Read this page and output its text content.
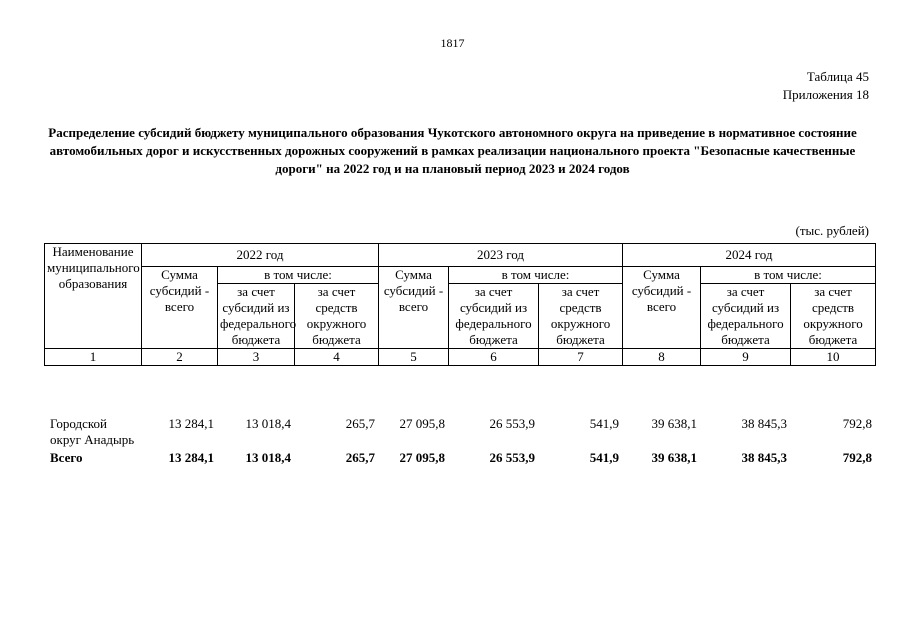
1817
Таблица 45
Приложения 18
Распределение субсидий бюджету муниципального образования Чукотского автономного округа на приведение в нормативное состояние автомобильных дорог и искусственных дорожных сооружений в рамках реализации национального проекта "Безопасные качественные дороги" на 2022 год и на плановый период 2023 и 2024 годов
(тыс. рублей)
Наименование муниципального образования	2022 год			2023 год			2024 год		
	Сумма субсидий - всего	в том числе:		Сумма субсидий - всего	в том числе:		Сумма субсидий - всего	в том числе:	
		за счет субсидий из федерального бюджета	за счет средств окружного бюджета		за счет субсидий из федерального бюджета	за счет средств окружного бюджета		за счет субсидий из федерального бюджета	за счет средств окружного бюджета
1	2	3	4	5	6	7	8	9	10
Городской округ Анадырь	13 284,1	13 018,4	265,7	27 095,8	26 553,9	541,9	39 638,1	38 845,3	792,8
Всего	13 284,1	13 018,4	265,7	27 095,8	26 553,9	541,9	39 638,1	38 845,3	792,8
